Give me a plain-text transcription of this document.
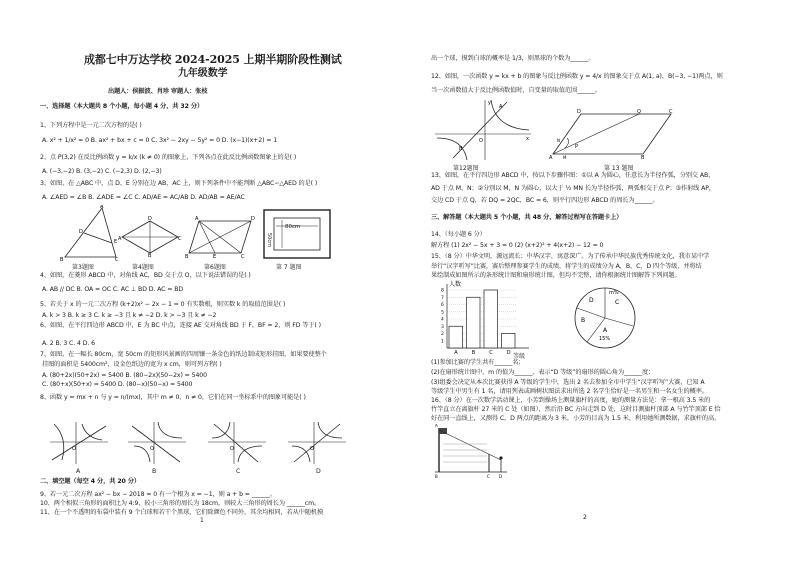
成都七中万达学校 2024-2025 上期半期阶段性测试
九年级数学
出题人：侯振波、肖珍 审题人：张枝
一、选择题（本大题共 8 个小题，每小题 4 分，共 32 分）
1、下列方程中是一元二次方程的是( )
A. x² + 1/x² = 0 B. ax² + bx + c = 0 C. 3x² − 2xy − 5y² = 0 D. (x−1)(x+2) = 1
2、点 P(3,2) 在反比例函数 y = k/x (k ≠ 0) 的图象上，下列各点在此反比例函数图象上的是( )
A. (−3,−2) B. (3,−2) C. (−2,3) D. (2,−3)
3、如图，在 △ABC 中，点 D、E 分别在边 AB，AC 上，则下列条件中不能判断 △ABC∽△AED 的是( )
A. ∠AED = ∠B B. ∠ADE = ∠C C. AD/AE = AC/AB D. AD/AB = AE/AC
A
B	C
D
E
第3题图
A
D
C
B
第4题图
A	D
B	E	C
第6题图
80cm
50cm
第 7 题图
4、如图，在菱形 ABCD 中，对角线 AC，BD 交于点 O，以下说法错误的是( )
A. AB // DC B. OA = OC C. AC ⊥ BD D. AC = BD
5、若关于 x 的一元二次方程 (k+2)x² − 2x − 1 = 0 有实数根，则实数 k 的取值范围是( )
A. k > 3 B. k ≥ 3 C. k ≥ −3 且 k ≠ −2 D. k > −3 且 k ≠ −2
6、如图，在平行四边形 ABCD 中，E 为 BC 中点，连接 AE 交对角线 BD 于 F，BF = 2，则 FD 等于( )
A. 2 B. 3 C. 4 D. 6
7、如图，在一幅长 80cm，宽 50cm 的矩形风景画的四周镶一条金色的纸边制成矩形挂图，如果要使整个
挂图的面积是 5400cm²，设金色纸边的宽为 x cm，则可列方程( )
A. (80+2x)(50+2x) = 5400 B. (80−2x)(50−2x) = 5400
C. (80+x)(50+x) = 5400 D. (80−x)(50−x) = 5400
8、函数 y = mx + n 与 y = n/(mx)，其中 m ≠ 0，n ≠ 0，它们在同一坐标系中的图象可能是( )
O	O	O	O
A	B	C	D
二、填空题（每空 4 分，共 20 分）
9、若一元二次方程 ax² − bx − 2018 = 0 有一个根为 x = −1，则 a + b = ______。
10、两个相似三角形的面积比为 4:9，较小三角形的周长为 18cm，则较大三角形的周长为 ______cm。
11、在一个不透明的布袋中装有 9 个白球和若干个黑球，它们除颜色不同外，其余均相同，若从中随机摸
1
出一个球，摸到白球的概率是 1/3，则黑球的个数为______。
12、如图，一次函数 y = kx + b 的图象与反比例函数 y = 4/x 的图象交于点 A(1, a)，B(−3, −1)两点，则
当一次函数值大于反比例函数值时，自变量的取值范围______。
O
A
B
y
x
第12题图
A
D	Q	C
B
P
M
N
第 13 题图
13、如图，在平行四边形 ABCD 中，按以下步骤作图：①以 A 为圆心，任意长为半径作弧，分别交 AB，
AD 于点 M，N；②分别以 M，N 为圆心，以大于 ½ MN 长为半径作弧，两弧相交于点 P；③作射线 AP，
交边 CD 于点 Q，若 DQ = 2QC，BC = 6，则平行四边形 ABCD 的周长为______。
三、解答题（本大题共 5 个小题，共 48 分，解答过程写在答题卡上）
14、（每小题 6 分）
解方程 (1) 2x² − 5x + 3 = 0 (2) (x+2)² + 4(x+2) − 12 = 0
15、（8 分）中华文明，源远流长；中华汉字，寓意深广。为了传承中华民族优秀传统文化，我市某中学
举行“汉字听写”比赛，赛后整理参赛学生的成绩，将学生的成绩分为 A，B，C，D 四个等级，并将结
果绘制成如图所示的条形统计图和扇形统计图，但均不完整，请你根据统计图解答下列问题。
1
2
3
4
5
6
7
8
A	B	C	D
人数
等级
B
C
D
A
m%
15%
(1)参加比赛的学生共有______名；
(2)在扇形统计图中，m 的值为______，表示“D 等级”的扇形的圆心角为______度；
(3)组委会决定从本次比赛获得 A 等级的学生中，选出 2 名去参加全市中学生“汉字听写”大赛，已知 A
等级学生中男生有 1 名，请用列表或画树状图法求出所选 2 名学生恰好是一名男生和一名女生的概率。
16、（8 分）在一次数学活动课上，小芳到操场上测量旗杆的高度，她的测量方法是：拿一根高 3.5 米的
竹竿直立在离旗杆 27 米的 C 处（如图），然后沿 BC 方向走到 D 处，这时目测旗杆顶部 A 与竹竿顶部 E 恰
好在同一直线上，又测得 C，D 两点的距离为 3 米，小芳的目高为 1.5 米，利用她所测数据，求旗杆的高。
A
B	C D
2
